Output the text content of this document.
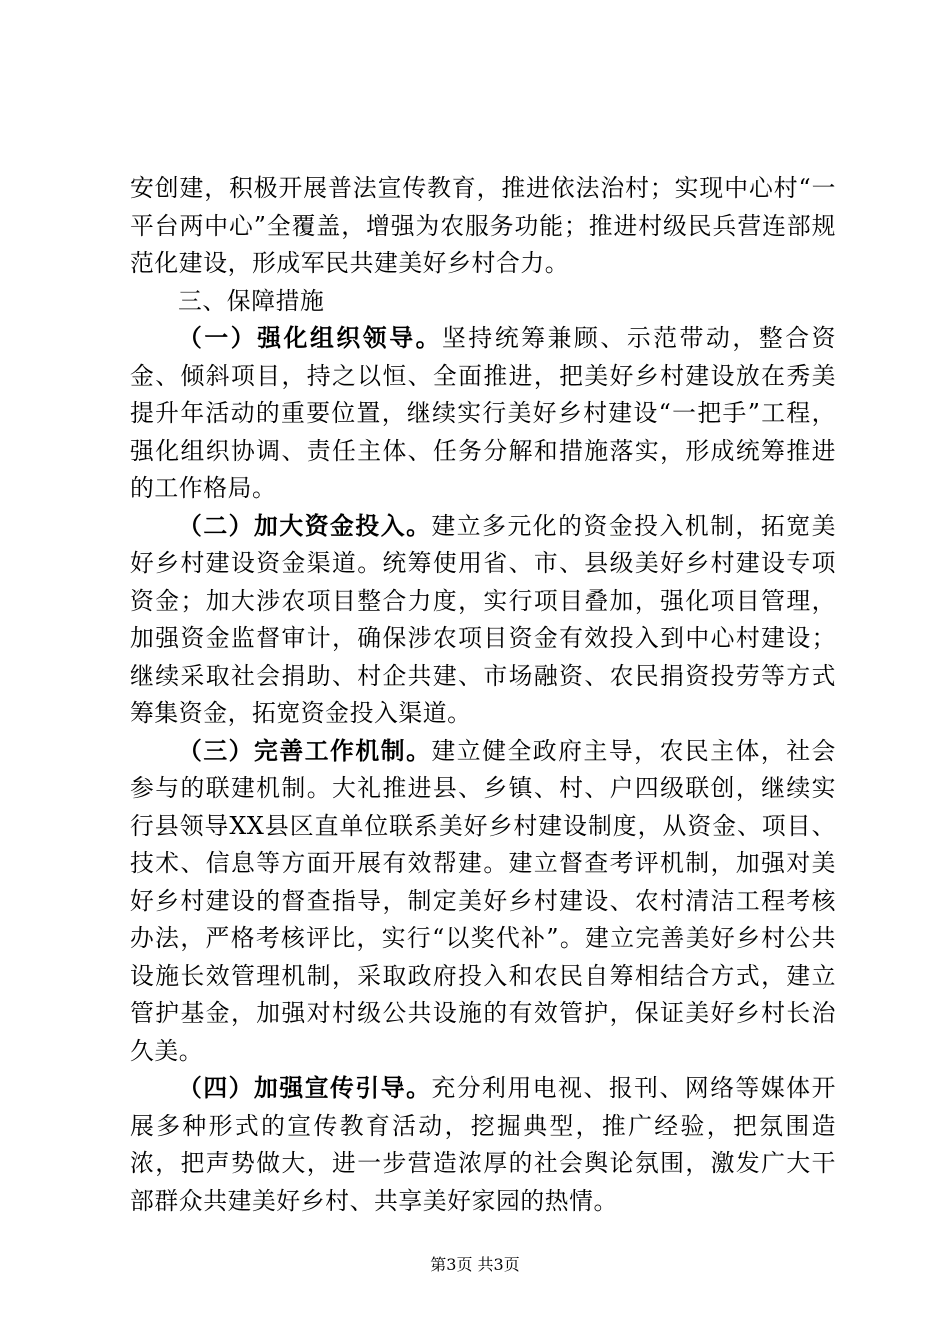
安创建，积极开展普法宣传教育，推进依法治村；实现中心村“一平台两中心”全覆盖，增强为农服务功能；推进村级民兵营连部规范化建设，形成军民共建美好乡村合力。

三、保障措施

（一）强化组织领导。坚持统筹兼顾、示范带动，整合资金、倾斜项目，持之以恒、全面推进，把美好乡村建设放在秀美提升年活动的重要位置，继续实行美好乡村建设“一把手”工程，强化组织协调、责任主体、任务分解和措施落实，形成统筹推进的工作格局。

（二）加大资金投入。建立多元化的资金投入机制，拓宽美好乡村建设资金渠道。统筹使用省、市、县级美好乡村建设专项资金；加大涉农项目整合力度，实行项目叠加，强化项目管理，加强资金监督审计，确保涉农项目资金有效投入到中心村建设；继续采取社会捐助、村企共建、市场融资、农民捐资投劳等方式筹集资金，拓宽资金投入渠道。

（三）完善工作机制。建立健全政府主导，农民主体，社会参与的联建机制。大礼推进县、乡镇、村、户四级联创，继续实行县领导XX县区直单位联系美好乡村建设制度，从资金、项目、技术、信息等方面开展有效帮建。建立督查考评机制，加强对美好乡村建设的督查指导，制定美好乡村建设、农村清洁工程考核办法，严格考核评比，实行“以奖代补”。建立完善美好乡村公共设施长效管理机制，采取政府投入和农民自筹相结合方式，建立管护基金，加强对村级公共设施的有效管护，保证美好乡村长治久美。

（四）加强宣传引导。充分利用电视、报刊、网络等媒体开展多种形式的宣传教育活动，挖掘典型，推广经验，把氛围造浓，把声势做大，进一步营造浓厚的社会舆论氛围，激发广大干部群众共建美好乡村、共享美好家园的热情。

第3页 共3页
